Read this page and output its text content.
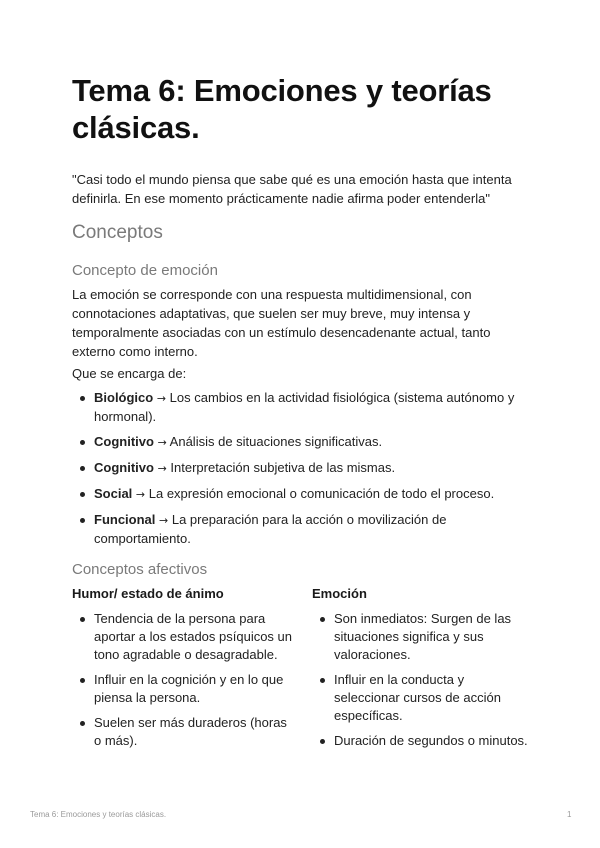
Tema 6: Emociones y teorías clásicas.

"Casi todo el mundo piensa que sabe qué es una emoción hasta que intenta definirla. En ese momento prácticamente nadie afirma poder entenderla"

Conceptos
Concepto de emoción

La emoción se corresponde con una respuesta multidimensional, con connotaciones adaptativas, que suelen ser muy breve, muy intensa y temporalmente asociadas con un estímulo desencadenante actual, tanto externo como interno.

Que se encarga de:

Biológico → Los cambios en la actividad fisiológica (sistema autónomo y hormonal).
Cognitivo → Análisis de situaciones significativas.
Cognitivo → Interpretación subjetiva de las mismas.
Social → La expresión emocional o comunicación de todo el proceso.
Funcional → La preparación para la acción o movilización de comportamiento.
Conceptos afectivos

Humor/ estado de ánimo	Emoción

Tendencia de la persona para aportar a los estados psíquicos un tono agradable o desagradable.
Influir en la cognición y en lo que piensa la persona.
Suelen ser más duraderos (horas o más).
Son inmediatos: Surgen de las situaciones significa y sus valoraciones.
Influir en la conducta y seleccionar cursos de acción específicas.
Duración de segundos o minutos.
Tema 6: Emociones y teorías clásicas.	1
